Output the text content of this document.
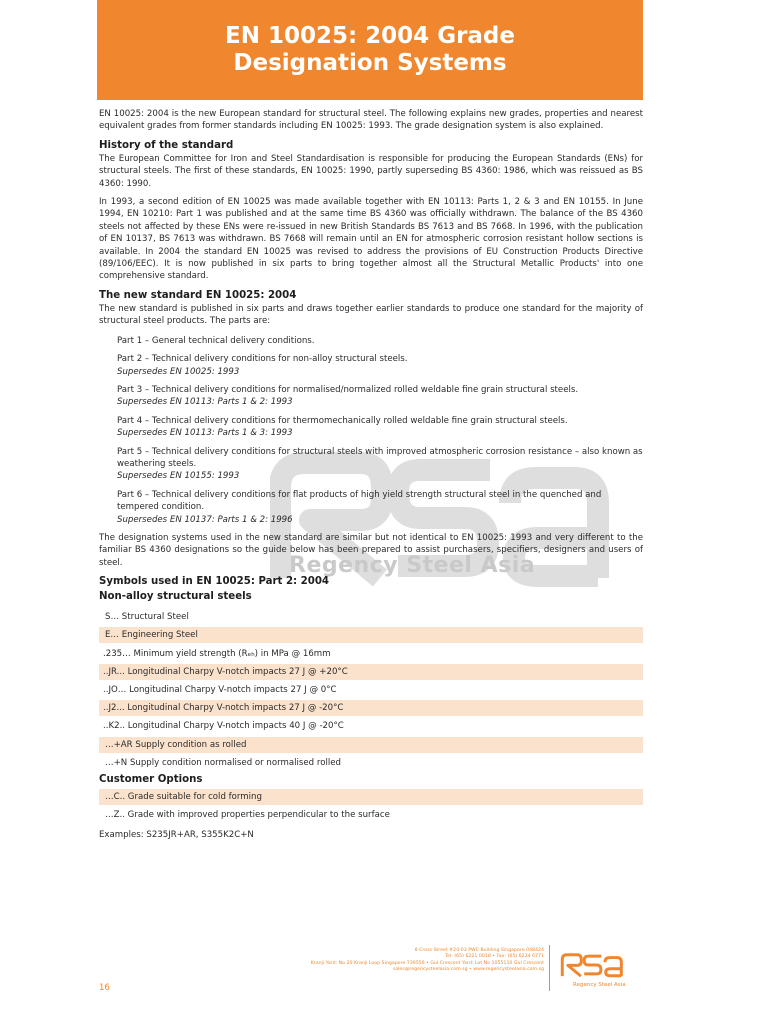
EN 10025: 2004 Grade Designation Systems
Regency Steel Asia

EN 10025: 2004 is the new European standard for structural steel. The following explains new grades, properties and nearest equivalent grades from former standards including EN 10025: 1993. The grade designation system is also explained.

History of the standard

The European Committee for Iron and Steel Standardisation is responsible for producing the European Standards (ENs) for structural steels. The first of these standards, EN 10025: 1990, partly superseding BS 4360: 1986, which was reissued as BS 4360: 1990.

In 1993, a second edition of EN 10025 was made available together with EN 10113: Parts 1, 2 & 3 and EN 10155. In June 1994, EN 10210: Part 1 was published and at the same time BS 4360 was officially withdrawn. The balance of the BS 4360 steels not affected by these ENs were re-issued in new British Standards BS 7613 and BS 7668. In 1996, with the publication of EN 10137, BS 7613 was withdrawn. BS 7668 will remain until an EN for atmospheric corrosion resistant hollow sections is available. In 2004 the standard EN 10025 was revised to address the provisions of EU Construction Products Directive (89/106/EEC). It is now published in six parts to bring together almost all the Structural Metallic Products' into one comprehensive standard.

The new standard EN 10025: 2004

The new standard is published in six parts and draws together earlier standards to produce one standard for the majority of structural steel products. The parts are:

Part 1 – General technical delivery conditions.
Part 2 – Technical delivery conditions for non-alloy structural steels.
Supersedes EN 10025: 1993
Part 3 – Technical delivery conditions for normalised/normalized rolled weldable fine grain structural steels.
Supersedes EN 10113: Parts 1 & 2: 1993
Part 4 – Technical delivery conditions for thermomechanically rolled weldable fine grain structural steels.
Supersedes EN 10113: Parts 1 & 3: 1993
Part 5 – Technical delivery conditions for structural steels with improved atmospheric corrosion resistance – also known as weathering steels.
Supersedes EN 10155: 1993
Part 6 – Technical delivery conditions for flat products of high yield strength structural steel in the quenched and tempered condition.
Supersedes EN 10137: Parts 1 & 2: 1996

The designation systems used in the new standard are similar but not identical to EN 10025: 1993 and very different to the familiar BS 4360 designations so the guide below has been prepared to assist purchasers, specifiers, designers and users of steel.

Symbols used in EN 10025: Part 2: 2004
Non-alloy structural steels
S… Structural Steel
E… Engineering Steel
.235… Minimum yield strength (Rₑₕ) in MPa @ 16mm
..JR... Longitudinal Charpy V-notch impacts 27 J @ +20°C
..JO… Longitudinal Charpy V-notch impacts 27 J @ 0°C
..J2... Longitudinal Charpy V-notch impacts 27 J @ -20°C
..K2.. Longitudinal Charpy V-notch impacts 40 J @ -20°C
…+AR Supply condition as rolled
…+N Supply condition normalised or normalised rolled
Customer Options
…C.. Grade suitable for cold forming
…Z.. Grade with improved properties perpendicular to the surface

Examples: S235JR+AR, S355K2C+N

16
8 Cross Street #24-03 PWC Building Singapore 048424
Tel: (65) 6221 0018 • Fax: (65) 6224 6771
Kranji Yard: No 20 Kranji Loop Singapore 739556 • Gul Crescent Yard: Lot No 1055110 Gul Crescent
sales@regencysteelasia.com.sg • www.regencysteelasia.com.sg
Regency Steel Asia
